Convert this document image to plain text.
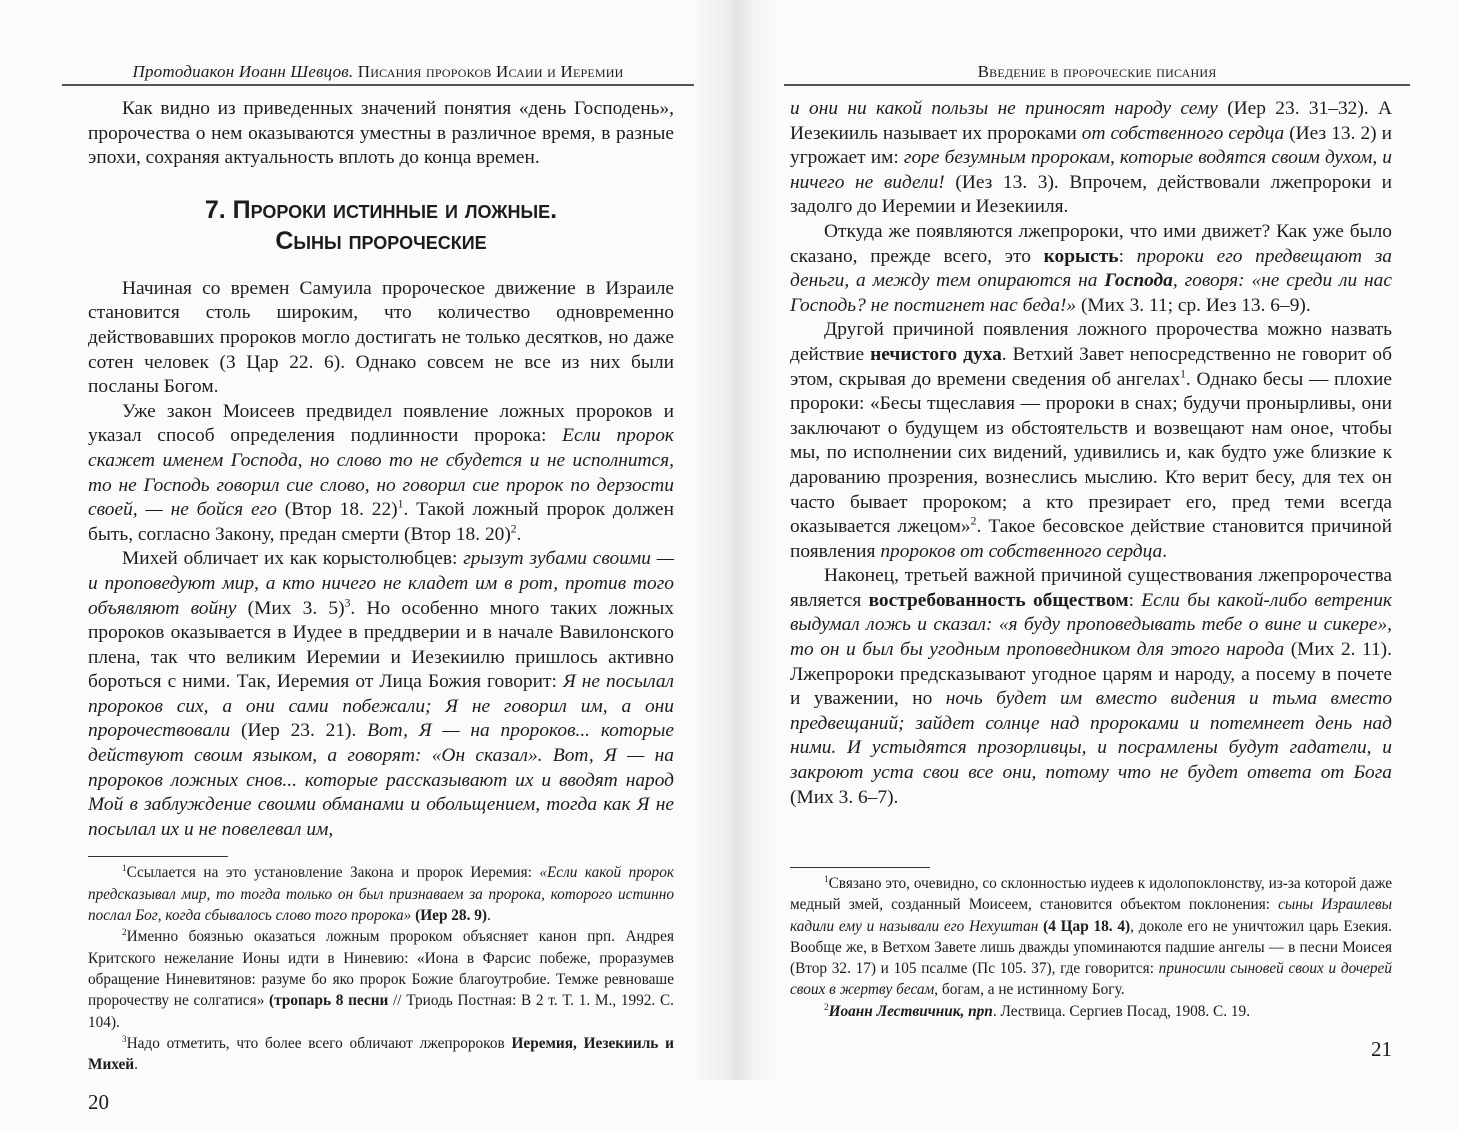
Протодиакон Иоанн Шевцов. Писания пророков Исаии и Иеремии

Как видно из приведенных значений понятия «день Господень», пророчества о нем оказываются уместны в различное время, в разные эпохи, сохраняя актуальность вплоть до конца времен.

7. Пророки истинные и ложные.
Сыны пророческие

Начиная со времен Самуила пророческое движение в Израиле становится столь широким, что количество одновременно действовавших пророков могло достигать не только десятков, но даже сотен человек (3 Цар 22. 6). Однако совсем не все из них были посланы Богом.

Уже закон Моисеев предвидел появление ложных пророков и указал способ определения подлинности пророка: Если пророк скажет именем Господа, но слово то не сбудется и не исполнится, то не Господь говорил сие слово, но говорил сие пророк по дерзости своей, — не бойся его (Втор 18. 22)$^1$. Такой ложный пророк должен быть, согласно Закону, предан смерти (Втор 18. 20)$^2$.

Михей обличает их как корыстолюбцев: грызут зубами своими — и проповедуют мир, а кто ничего не кладет им в рот, против того объявляют войну (Мих 3. 5)$^3$. Но особенно много таких ложных пророков оказывается в Иудее в преддверии и в начале Вавилонского плена, так что великим Иеремии и Иезекиилю пришлось активно бороться с ними. Так, Иеремия от Лица Божия говорит: Я не посылал пророков сих, а они сами побежали; Я не говорил им, а они пророчествовали (Иер 23. 21). Вот, Я — на пророков... которые действуют своим языком, а говорят: «Он сказал». Вот, Я — на пророков ложных снов... которые рассказывают их и вводят народ Мой в заблуждение своими обманами и обольщением, тогда как Я не посылал их и не повелевал им,

$^1$Ссылается на это установление Закона и пророк Иеремия: «Если какой пророк предсказывал мир, то тогда только он был признаваем за пророка, которого истинно послал Бог, когда сбывалось слово того пророка» (Иер 28. 9).

$^2$Именно боязнью оказаться ложным пророком объясняет канон прп. Андрея Критского нежелание Ионы идти в Ниневию: «Иона в Фарсис побеже, проразумев обращение Ниневитянов: разуме бо яко пророк Божие благоутробие. Темже ревноваше пророчеству не солгатися» (тропарь 8 песни // Триодь Постная: В 2 т. Т. 1. М., 1992. С. 104).

$^3$Надо отметить, что более всего обличают лжепророков Иеремия, Иезекииль и Михей.

20
Введение в пророческие писания

и они ни какой пользы не приносят народу сему (Иер 23. 31–32). А Иезекииль называет их пророками от собственного сердца (Иез 13. 2) и угрожает им: горе безумным пророкам, которые водятся своим духом, и ничего не видели! (Иез 13. 3). Впрочем, действовали лжепророки и задолго до Иеремии и Иезекииля.

Откуда же появляются лжепророки, что ими движет? Как уже было сказано, прежде всего, это корысть: пророки его предвещают за деньги, а между тем опираются на Господа, говоря: «не среди ли нас Господь? не постигнет нас беда!» (Мих 3. 11; ср. Иез 13. 6–9).

Другой причиной появления ложного пророчества можно назвать действие нечистого духа. Ветхий Завет непосредственно не говорит об этом, скрывая до времени сведения об ангелах$^1$. Однако бесы — плохие пророки: «Бесы тщеславия — пророки в снах; будучи пронырливы, они заключают о будущем из обстоятельств и возвещают нам оное, чтобы мы, по исполнении сих видений, удивились и, как будто уже близкие к дарованию прозрения, вознеслись мыслию. Кто верит бесу, для тех он часто бывает пророком; а кто презирает его, пред теми всегда оказывается лжецом»$^2$. Такое бесовское действие становится причиной появления пророков от собственного сердца.

Наконец, третьей важной причиной существования лжепророчества является востребованность обществом: Если бы какой-либо ветреник выдумал ложь и сказал: «я буду проповедывать тебе о вине и сикере», то он и был бы угодным проповедником для этого народа (Мих 2. 11). Лжепророки предсказывают угодное царям и народу, а посему в почете и уважении, но ночь будет им вместо видения и тьма вместо предвещаний; зайдет солнце над пророками и потемнеет день над ними. И устыдятся прозорливцы, и посрамлены будут гадатели, и закроют уста свои все они, потому что не будет ответа от Бога (Мих 3. 6–7).

$^1$Связано это, очевидно, со склонностью иудеев к идолопоклонству, из-за которой даже медный змей, созданный Моисеем, становится объектом поклонения: сыны Израилевы кадили ему и называли его Нехуштан (4 Цар 18. 4), доколе его не уничтожил царь Езекия. Вообще же, в Ветхом Завете лишь дважды упоминаются падшие ангелы — в песни Моисея (Втор 32. 17) и 105 псалме (Пс 105. 37), где говорится: приносили сыновей своих и дочерей своих в жертву бесам, богам, а не истинному Богу.

$^2$Иоанн Лествичник, прп. Лествица. Сергиев Посад, 1908. С. 19.

21
